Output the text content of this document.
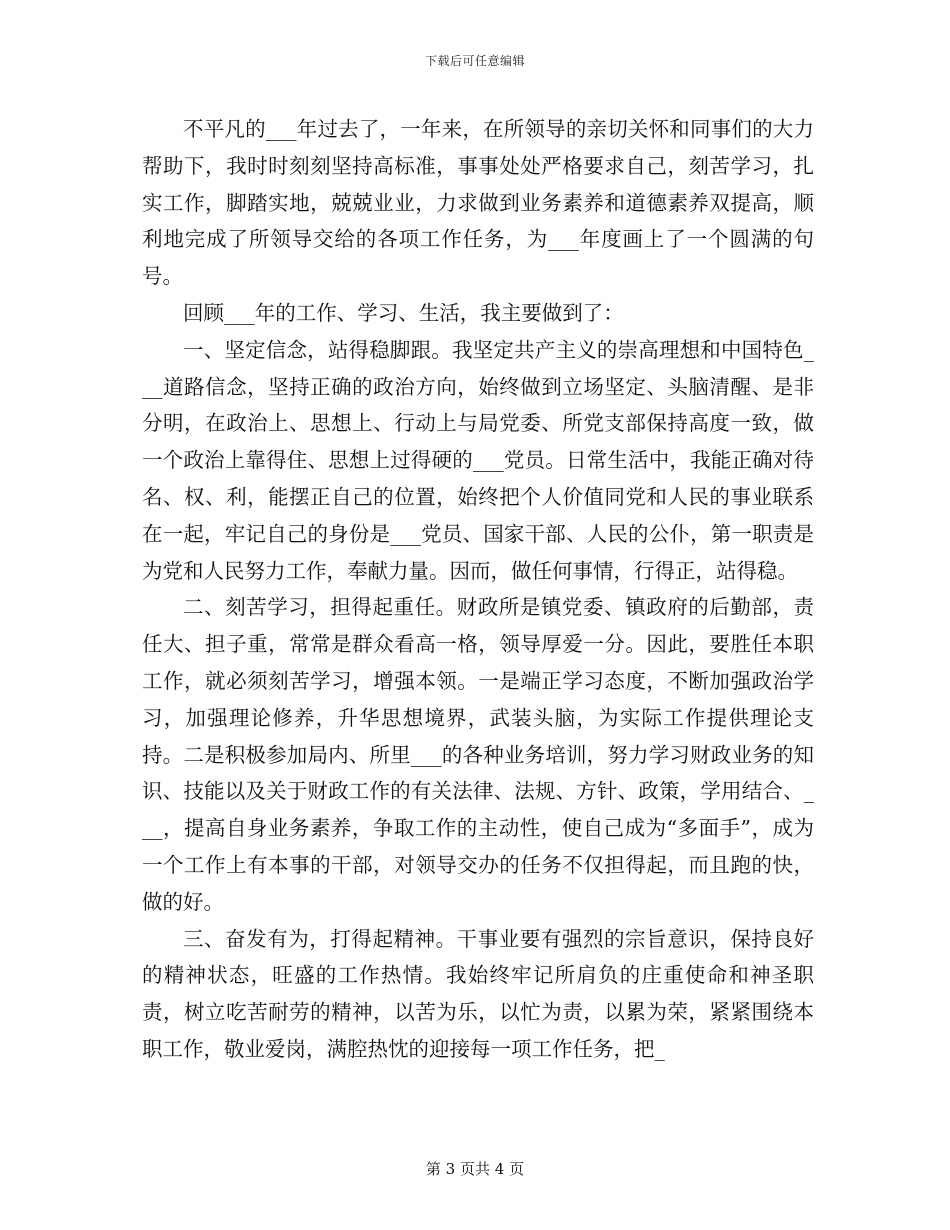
下载后可任意编辑

不平凡的___年过去了，一年来，在所领导的亲切关怀和同事们的大力帮助下，我时时刻刻坚持高标准，事事处处严格要求自己，刻苦学习，扎实工作，脚踏实地，兢兢业业，力求做到业务素养和道德素养双提高，顺利地完成了所领导交给的各项工作任务，为___年度画上了一个圆满的句号。

回顾___年的工作、学习、生活，我主要做到了：

一、坚定信念，站得稳脚跟。我坚定共产主义的崇高理想和中国特色___道路信念，坚持正确的政治方向，始终做到立场坚定、头脑清醒、是非分明，在政治上、思想上、行动上与局党委、所党支部保持高度一致，做一个政治上靠得住、思想上过得硬的___党员。日常生活中，我能正确对待名、权、利，能摆正自己的位置，始终把个人价值同党和人民的事业联系在一起，牢记自己的身份是___党员、国家干部、人民的公仆，第一职责是为党和人民努力工作，奉献力量。因而，做任何事情，行得正，站得稳。

二、刻苦学习，担得起重任。财政所是镇党委、镇政府的后勤部，责任大、担子重，常常是群众看高一格，领导厚爱一分。因此，要胜任本职工作，就必须刻苦学习，增强本领。一是端正学习态度，不断加强政治学习，加强理论修养，升华思想境界，武装头脑，为实际工作提供理论支持。二是积极参加局内、所里___的各种业务培训，努力学习财政业务的知识、技能以及关于财政工作的有关法律、法规、方针、政策，学用结合、___，提高自身业务素养，争取工作的主动性，使自己成为“多面手”，成为一个工作上有本事的干部，对领导交办的任务不仅担得起，而且跑的快，做的好。

三、奋发有为，打得起精神。干事业要有强烈的宗旨意识，保持良好的精神状态，旺盛的工作热情。我始终牢记所肩负的庄重使命和神圣职责，树立吃苦耐劳的精神，以苦为乐，以忙为责，以累为荣，紧紧围绕本职工作，敬业爱岗，满腔热忱的迎接每一项工作任务，把_

第 3 页共 4 页
